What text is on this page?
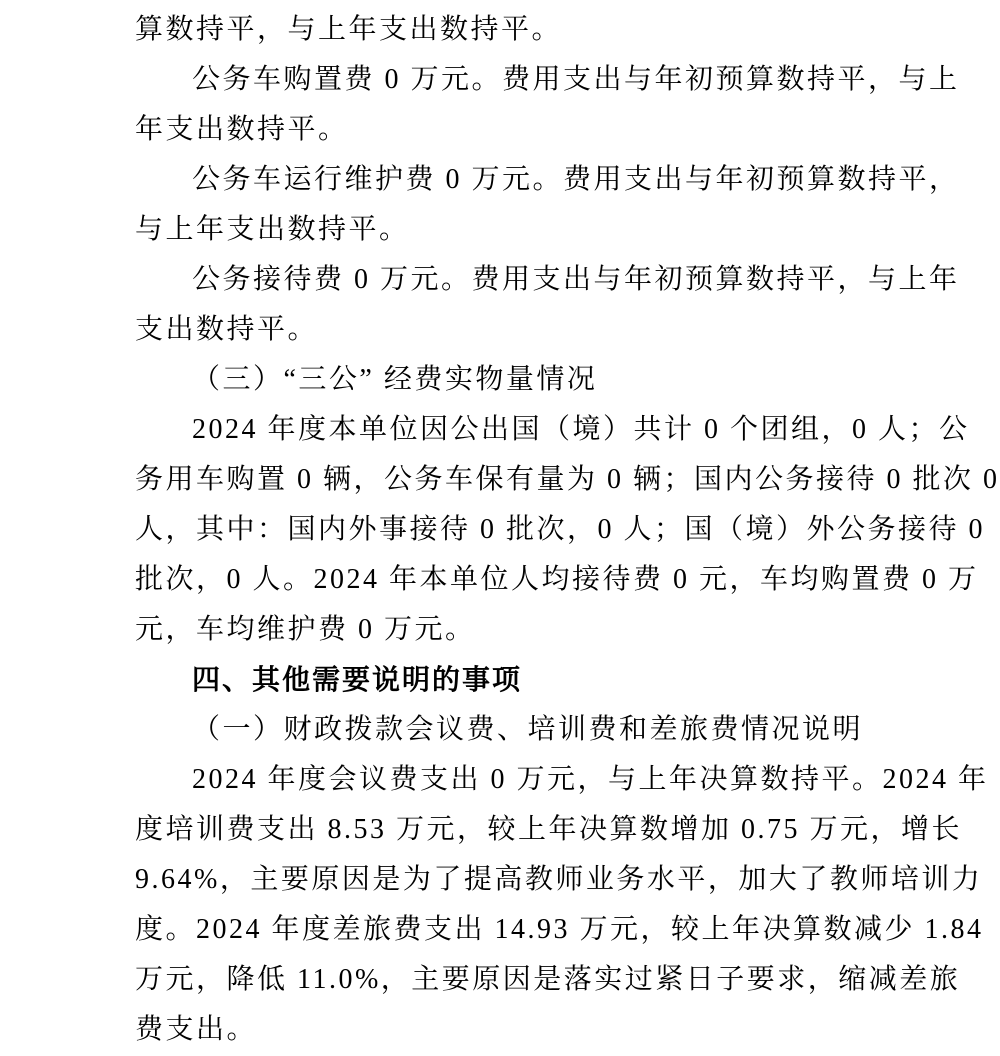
算数持平，与上年支出数持平。

公务车购置费 0 万元。费用支出与年初预算数持平，与上

年支出数持平。

公务车运行维护费 0 万元。费用支出与年初预算数持平，

与上年支出数持平。

公务接待费 0 万元。费用支出与年初预算数持平，与上年

支出数持平。

（三）“三公” 经费实物量情况

2024 年度本单位因公出国（境）共计 0 个团组，0 人；公

务用车购置 0 辆，公务车保有量为 0 辆；国内公务接待 0 批次 0

人，其中：国内外事接待 0 批次，0 人；国（境）外公务接待 0

批次，0 人。2024 年本单位人均接待费 0 元，车均购置费 0 万

元，车均维护费 0 万元。

四、其他需要说明的事项

（一）财政拨款会议费、培训费和差旅费情况说明

2024 年度会议费支出 0 万元，与上年决算数持平。2024 年

度培训费支出 8.53 万元，较上年决算数增加 0.75 万元，增长

9.64%，主要原因是为了提高教师业务水平，加大了教师培训力

度。2024 年度差旅费支出 14.93 万元，较上年决算数减少 1.84

万元，降低 11.0%，主要原因是落实过紧日子要求，缩减差旅

费支出。
